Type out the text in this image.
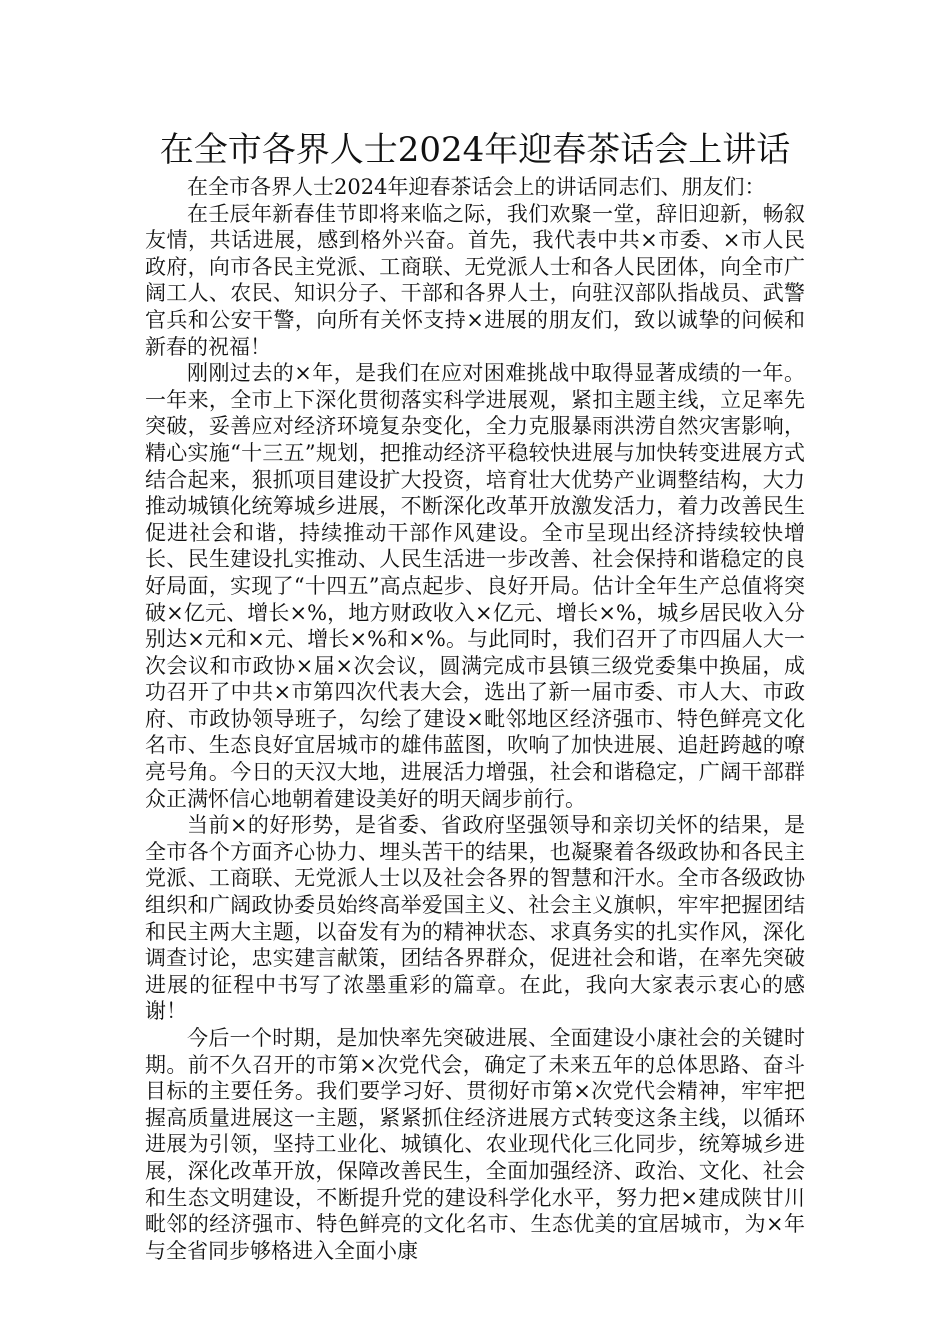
在全市各界人士2024年迎春茶话会上讲话

在全市各界人士2024年迎春茶话会上的讲话同志们、朋友们：

在壬辰年新春佳节即将来临之际，我们欢聚一堂，辞旧迎新，畅叙友情，共话进展，感到格外兴奋。首先，我代表中共×市委、×市人民政府，向市各民主党派、工商联、无党派人士和各人民团体，向全市广阔工人、农民、知识分子、干部和各界人士，向驻汉部队指战员、武警官兵和公安干警，向所有关怀支持×进展的朋友们，致以诚挚的问候和新春的祝福！

刚刚过去的×年，是我们在应对困难挑战中取得显著成绩的一年。一年来，全市上下深化贯彻落实科学进展观，紧扣主题主线，立足率先突破，妥善应对经济环境复杂变化，全力克服暴雨洪涝自然灾害影响，精心实施“十三五”规划，把推动经济平稳较快进展与加快转变进展方式结合起来，狠抓项目建设扩大投资，培育壮大优势产业调整结构，大力推动城镇化统筹城乡进展，不断深化改革开放激发活力，着力改善民生促进社会和谐，持续推动干部作风建设。全市呈现出经济持续较快增长、民生建设扎实推动、人民生活进一步改善、社会保持和谐稳定的良好局面，实现了“十四五”高点起步、良好开局。估计全年生产总值将突破×亿元、增长×%，地方财政收入×亿元、增长×%，城乡居民收入分别达×元和×元、增长×%和×%。与此同时，我们召开了市四届人大一次会议和市政协×届×次会议，圆满完成市县镇三级党委集中换届，成功召开了中共×市第四次代表大会，选出了新一届市委、市人大、市政府、市政协领导班子，勾绘了建设×毗邻地区经济强市、特色鲜亮文化名市、生态良好宜居城市的雄伟蓝图，吹响了加快进展、追赶跨越的嘹亮号角。今日的天汉大地，进展活力增强，社会和谐稳定，广阔干部群众正满怀信心地朝着建设美好的明天阔步前行。

当前×的好形势，是省委、省政府坚强领导和亲切关怀的结果，是全市各个方面齐心协力、埋头苦干的结果，也凝聚着各级政协和各民主党派、工商联、无党派人士以及社会各界的智慧和汗水。全市各级政协组织和广阔政协委员始终高举爱国主义、社会主义旗帜，牢牢把握团结和民主两大主题，以奋发有为的精神状态、求真务实的扎实作风，深化调查讨论，忠实建言献策，团结各界群众，促进社会和谐，在率先突破进展的征程中书写了浓墨重彩的篇章。在此，我向大家表示衷心的感谢！

今后一个时期，是加快率先突破进展、全面建设小康社会的关键时期。前不久召开的市第×次党代会，确定了未来五年的总体思路、奋斗目标的主要任务。我们要学习好、贯彻好市第×次党代会精神，牢牢把握高质量进展这一主题，紧紧抓住经济进展方式转变这条主线，以循环进展为引领，坚持工业化、城镇化、农业现代化三化同步，统筹城乡进展，深化改革开放，保障改善民生，全面加强经济、政治、文化、社会和生态文明建设，不断提升党的建设科学化水平，努力把×建成陕甘川毗邻的经济强市、特色鲜亮的文化名市、生态优美的宜居城市，为×年与全省同步够格进入全面小康
